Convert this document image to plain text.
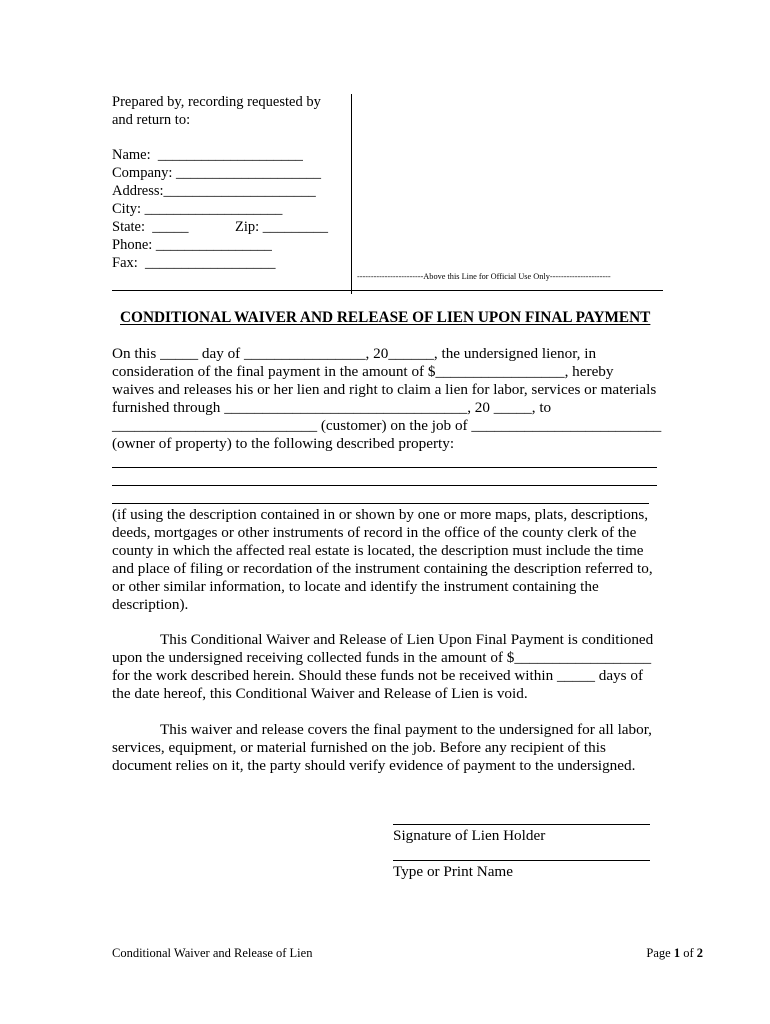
Prepared by, recording requested by
and return to:
Name:  ____________________
Company: ____________________
Address:_____________________
City: ___________________
State:  _____	Zip: _________
Phone: ________________
Fax:  __________________
------------------------Above this Line for Official Use Only----------------------
CONDITIONAL WAIVER AND RELEASE OF LIEN UPON FINAL PAYMENT
On this _____ day of ________________, 20______, the undersigned lienor, in
consideration of the final payment in the amount of $_________________, hereby
waives and releases his or her lien and right to claim a lien for labor, services or materials
furnished through ________________________________, 20 _____, to
___________________________ (customer) on the job of _________________________
(owner of property) to the following described property:
(if using the description contained in or shown by one or more maps, plats, descriptions,
deeds, mortgages or other instruments of record in the office of the county clerk of the
county in which the affected real estate is located, the description must include the time
and place of filing or recordation of the instrument containing the description referred to,
or other similar information, to locate and identify the instrument containing the
description).
This Conditional Waiver and Release of Lien Upon Final Payment is conditioned
upon the undersigned receiving collected funds in the amount of $__________________
for the work described herein. Should these funds not be received within _____ days of
the date hereof, this Conditional Waiver and Release of Lien is void.
This waiver and release covers the final payment to the undersigned for all labor,
services, equipment, or material furnished on the job. Before any recipient of this
document relies on it, the party should verify evidence of payment to the undersigned.
Signature of Lien Holder
Type or Print Name
Conditional Waiver and Release of Lien	Page 1 of 2
